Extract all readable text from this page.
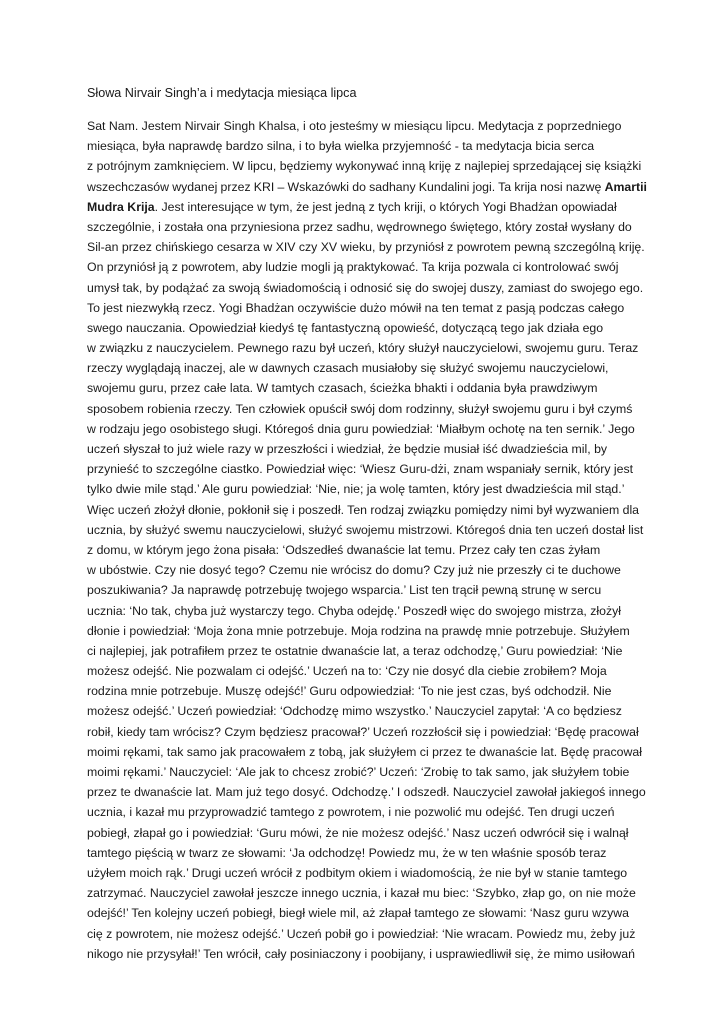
Słowa Nirvair Singh’a i medytacja miesiąca lipca
Sat Nam. Jestem Nirvair Singh Khalsa, i oto jesteśmy w miesiącu lipcu. Medytacja z poprzedniego
miesiąca, była naprawdę bardzo silna, i to była wielka przyjemność - ta medytacja bicia serca
z potrójnym zamknięciem. W lipcu, będziemy wykonywać inną kriję z najlepiej sprzedającej się książki
wszechczasów wydanej przez KRI – Wskazówki do sadhany Kundalini jogi. Ta krija nosi nazwę Amartii
Mudra Krija. Jest interesujące w tym, że jest jedną z tych kriji, o których Yogi Bhadżan opowiadał
szczególnie, i została ona przyniesiona przez sadhu, wędrownego świętego, który został wysłany do
Sil-an przez chińskiego cesarza w XIV czy XV wieku, by przyniósł z powrotem pewną szczególną kriję.
On przyniósł ją z powrotem, aby ludzie mogli ją praktykować. Ta krija pozwala ci kontrolować swój
umysł tak, by podążać za swoją świadomością i odnosić się do swojej duszy, zamiast do swojego ego.
To jest niezwykłą rzecz. Yogi Bhadżan oczywiście dużo mówił na ten temat z pasją podczas całego
swego nauczania. Opowiedział kiedyś tę fantastyczną opowieść, dotyczącą tego jak działa ego
w związku z nauczycielem. Pewnego razu był uczeń, który służył nauczycielowi, swojemu guru. Teraz
rzeczy wyglądają inaczej, ale w dawnych czasach musiałoby się służyć swojemu nauczycielowi,
swojemu guru, przez całe lata. W tamtych czasach, ścieżka bhakti i oddania była prawdziwym
sposobem robienia rzeczy. Ten człowiek opuścił swój dom rodzinny, służył swojemu guru i był czymś
w rodzaju jego osobistego sługi. Któregoś dnia guru powiedział: ‘Miałbym ochotę na ten sernik.’ Jego
uczeń słyszał to już wiele razy w przeszłości i wiedział, że będzie musiał iść dwadzieścia mil, by
przynieść to szczególne ciastko. Powiedział więc: ‘Wiesz Guru-dżi, znam wspaniały sernik, który jest
tylko dwie mile stąd.’ Ale guru powiedział: ‘Nie, nie; ja wolę tamten, który jest dwadzieścia mil stąd.’
Więc uczeń złożył dłonie, pokłonił się i poszedł. Ten rodzaj związku pomiędzy nimi był wyzwaniem dla
ucznia, by służyć swemu nauczycielowi, służyć swojemu mistrzowi. Któregoś dnia ten uczeń dostał list
z domu, w którym jego żona pisała: ‘Odszedłeś dwanaście lat temu. Przez cały ten czas żyłam
w ubóstwie. Czy nie dosyć tego? Czemu nie wrócisz do domu? Czy już nie przeszły ci te duchowe
poszukiwania? Ja naprawdę potrzebuję twojego wsparcia.’ List ten trącił pewną strunę w sercu
ucznia: ‘No tak, chyba już wystarczy tego. Chyba odejdę.’ Poszedł więc do swojego mistrza, złożył
dłonie i powiedział: ‘Moja żona mnie potrzebuje. Moja rodzina na prawdę mnie potrzebuje. Służyłem
ci najlepiej, jak potrafiłem przez te ostatnie dwanaście lat, a teraz odchodzę,’ Guru powiedział: ‘Nie
możesz odejść. Nie pozwalam ci odejść.’ Uczeń na to: ‘Czy nie dosyć dla ciebie zrobiłem? Moja
rodzina mnie potrzebuje. Muszę odejść!’ Guru odpowiedział: ‘To nie jest czas, byś odchodził. Nie
możesz odejść.’ Uczeń powiedział: ‘Odchodzę mimo wszystko.’ Nauczyciel zapytał: ‘A co będziesz
robił, kiedy tam wrócisz? Czym będziesz pracował?’ Uczeń rozzłościł się i powiedział: ‘Będę pracował
moimi rękami, tak samo jak pracowałem z tobą, jak służyłem ci przez te dwanaście lat. Będę pracował
moimi rękami.’ Nauczyciel: ‘Ale jak to chcesz zrobić?’ Uczeń: ‘Zrobię to tak samo, jak służyłem tobie
przez te dwanaście lat. Mam już tego dosyć. Odchodzę.’ I odszedł. Nauczyciel zawołał jakiegoś innego
ucznia, i kazał mu przyprowadzić tamtego z powrotem, i nie pozwolić mu odejść. Ten drugi uczeń
pobiegł, złapał go i powiedział: ‘Guru mówi, że nie możesz odejść.’ Nasz uczeń odwrócił się i walnął
tamtego pięścią w twarz ze słowami: ‘Ja odchodzę! Powiedz mu, że w ten właśnie sposób teraz
użyłem moich rąk.’ Drugi uczeń wrócił z podbitym okiem i wiadomością, że nie był w stanie tamtego
zatrzymać. Nauczyciel zawołał jeszcze innego ucznia, i kazał mu biec: ‘Szybko, złap go, on nie może
odejść!’ Ten kolejny uczeń pobiegł, biegł wiele mil, aż złapał tamtego ze słowami: ‘Nasz guru wzywa
cię z powrotem, nie możesz odejść.’ Uczeń pobił go i powiedział: ‘Nie wracam. Powiedz mu, żeby już
nikogo nie przysyłał!’ Ten wrócił, cały posiniaczony i poobijany, i usprawiedliwił się, że mimo usiłowań
